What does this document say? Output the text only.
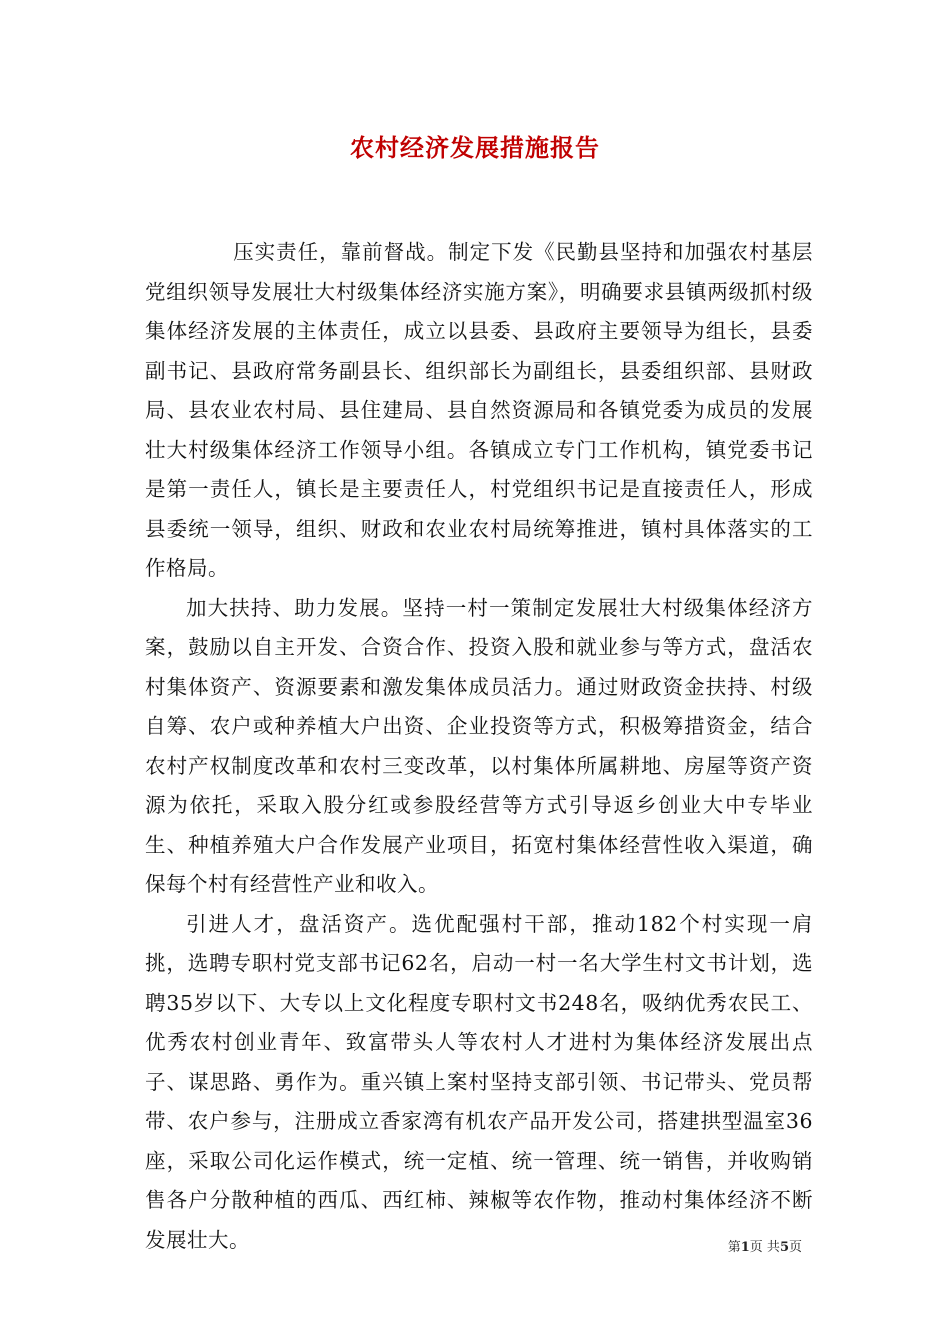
农村经济发展措施报告

压实责任，靠前督战。制定下发《民勤县坚持和加强农村基层党组织领导发展壮大村级集体经济实施方案》，明确要求县镇两级抓村级集体经济发展的主体责任，成立以县委、县政府主要领导为组长，县委副书记、县政府常务副县长、组织部长为副组长，县委组织部、县财政局、县农业农村局、县住建局、县自然资源局和各镇党委为成员的发展壮大村级集体经济工作领导小组。各镇成立专门工作机构，镇党委书记是第一责任人，镇长是主要责任人，村党组织书记是直接责任人，形成县委统一领导，组织、财政和农业农村局统筹推进，镇村具体落实的工作格局。

加大扶持、助力发展。坚持一村一策制定发展壮大村级集体经济方案，鼓励以自主开发、合资合作、投资入股和就业参与等方式，盘活农村集体资产、资源要素和激发集体成员活力。通过财政资金扶持、村级自筹、农户或种养植大户出资、企业投资等方式，积极筹措资金，结合农村产权制度改革和农村三变改革，以村集体所属耕地、房屋等资产资源为依托，采取入股分红或参股经营等方式引导返乡创业大中专毕业生、种植养殖大户合作发展产业项目，拓宽村集体经营性收入渠道，确保每个村有经营性产业和收入。

引进人才，盘活资产。选优配强村干部，推动182个村实现一肩挑，选聘专职村党支部书记62名，启动一村一名大学生村文书计划，选聘35岁以下、大专以上文化程度专职村文书248名，吸纳优秀农民工、优秀农村创业青年、致富带头人等农村人才进村为集体经济发展出点子、谋思路、勇作为。重兴镇上案村坚持支部引领、书记带头、党员帮带、农户参与，注册成立香家湾有机农产品开发公司，搭建拱型温室36座，采取公司化运作模式，统一定植、统一管理、统一销售，并收购销售各户分散种植的西瓜、西红柿、辣椒等农作物，推动村集体经济不断发展壮大。	第1页 共5页
